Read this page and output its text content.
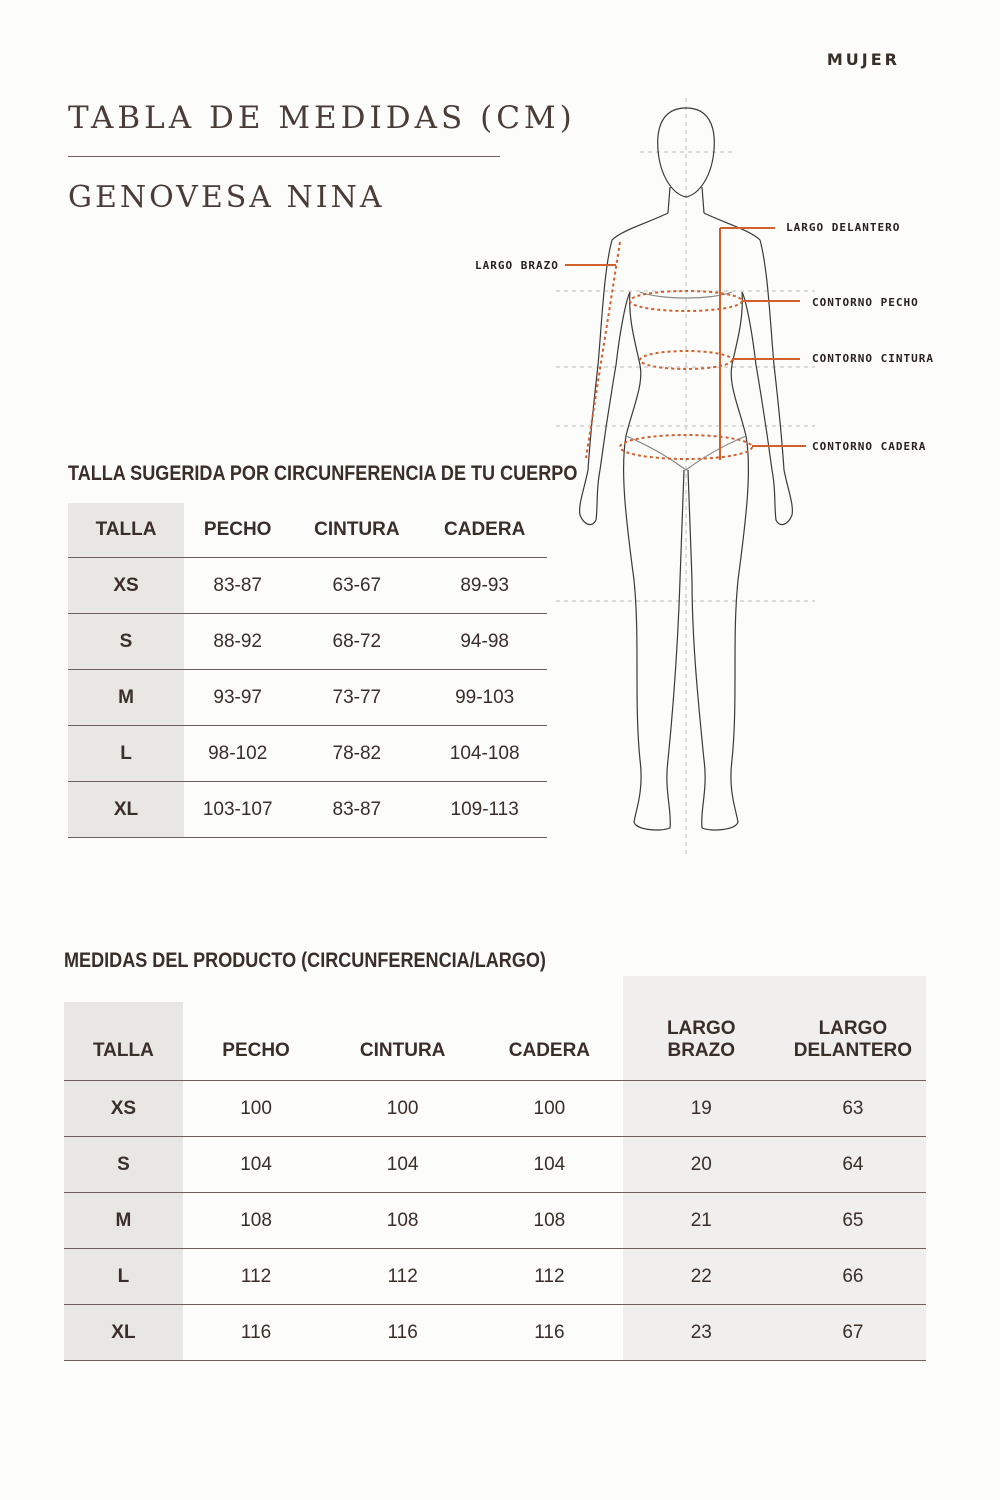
MUJER
TABLA DE MEDIDAS (CM)
GENOVESA NINA
LARGO DELANTERO
LARGO BRAZO
CONTORNO PECHO
CONTORNO CINTURA
CONTORNO CADERA
TALLA SUGERIDA POR CIRCUNFERENCIA DE TU CUERPO
TALLA	PECHO	CINTURA	CADERA
XS	83-87	63-67	89-93
S	88-92	68-72	94-98
M	93-97	73-77	99-103
L	98-102	78-82	104-108
XL	103-107	83-87	109-113
MEDIDAS DEL PRODUCTO (CIRCUNFERENCIA/LARGO)
TALLA	PECHO	CINTURA	CADERA	LARGO BRAZO	LARGO DELANTERO
XS	100	100	100	19	63
S	104	104	104	20	64
M	108	108	108	21	65
L	112	112	112	22	66
XL	116	116	116	23	67
